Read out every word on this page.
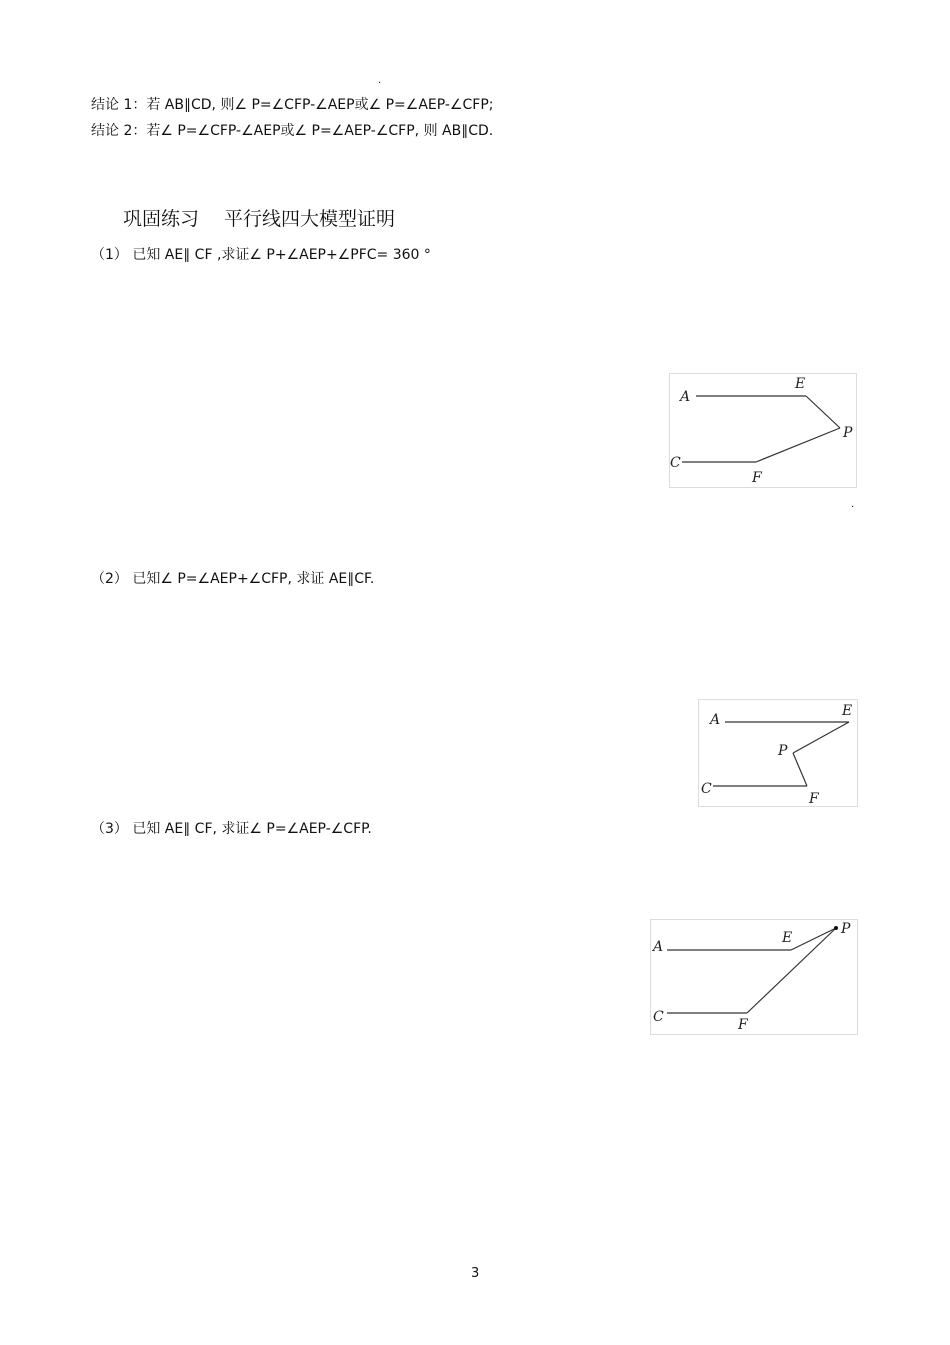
.
结论 1：若 AB∥CD, 则∠ P=∠CFP-∠AEP或∠ P=∠AEP-∠CFP;
结论 2：若∠ P=∠CFP-∠AEP或∠ P=∠AEP-∠CFP, 则 AB∥CD.
巩固练习　 平行线四大模型证明
（1） 已知 AE∥ CF ,求证∠ P+∠AEP+∠PFC= 360 °
A
E
P
C
F
.
（2） 已知∠ P=∠AEP+∠CFP, 求证 AE∥CF.
A
E
P
C
F
（3） 已知 AE∥ CF, 求证∠ P=∠AEP-∠CFP.
A
E
P
C	F
3
